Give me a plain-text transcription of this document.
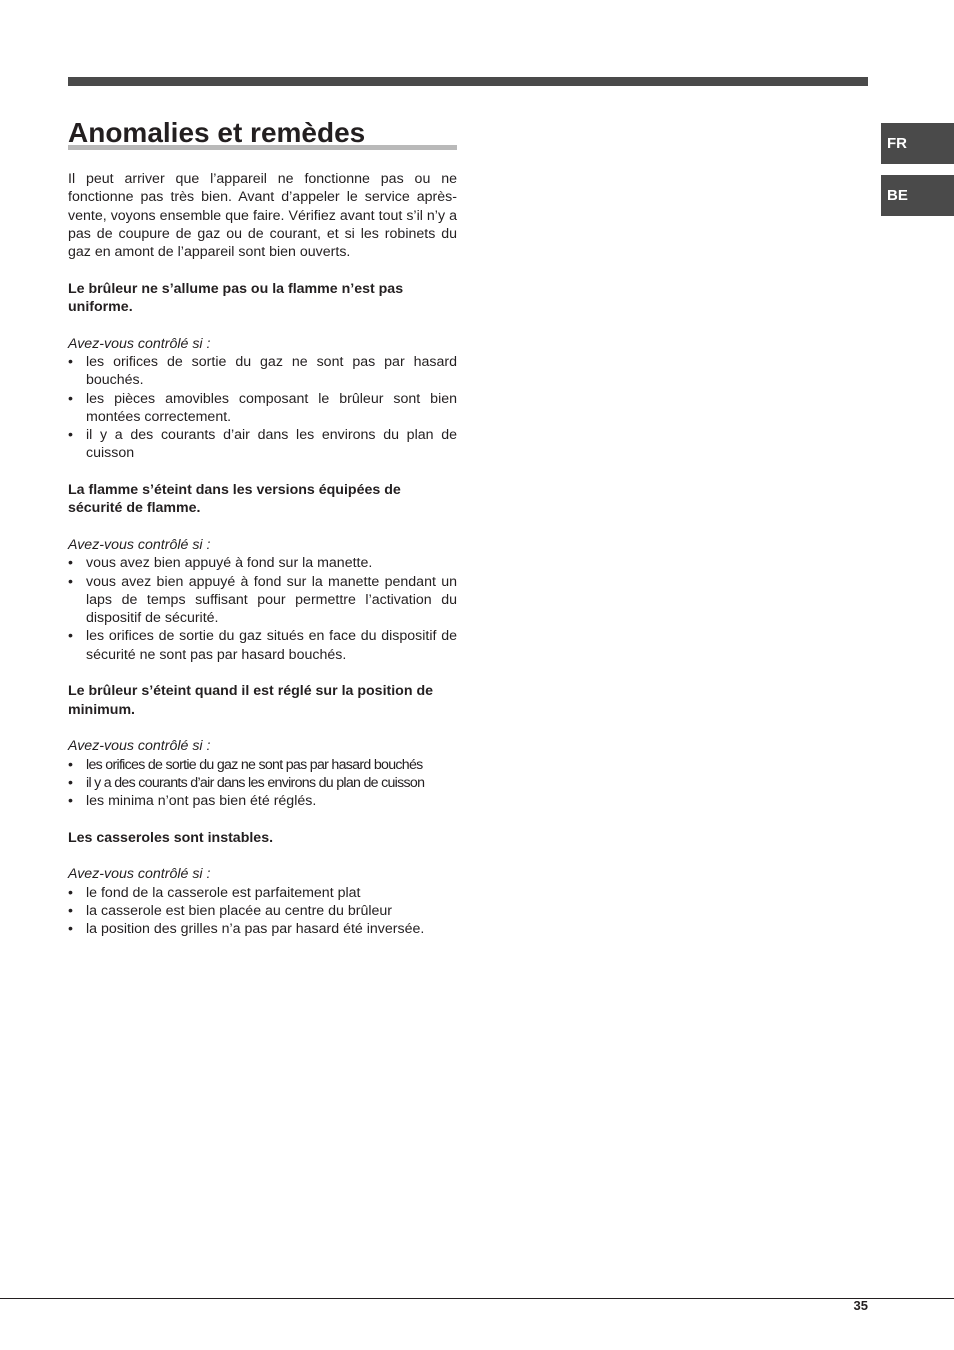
FR
BE
Anomalies et remèdes

Il peut arriver que l’appareil ne fonctionne pas ou ne fonctionne pas très bien. Avant d’appeler le service après-vente, voyons ensemble que faire. Vérifiez avant tout s’il n’y a pas de coupure de gaz ou de courant, et si les robinets du gaz en amont de l’appareil sont bien ouverts.

Le brûleur ne s’allume pas ou la flamme n’est pas uniforme.

Avez-vous contrôlé si :

• les orifices de sortie du gaz ne sont pas par hasard bouchés.
• les pièces amovibles composant le brûleur sont bien montées correctement.
• il y a des courants d’air dans les environs du plan de cuisson

La flamme s’éteint dans les versions équipées de sécurité de flamme.

Avez-vous contrôlé si :

• vous avez bien appuyé à fond sur la manette.
• vous avez bien appuyé à fond sur la manette pendant un laps de temps suffisant pour permettre l’activation du dispositif de sécurité.
• les orifices de sortie du gaz situés en face du dispositif de sécurité ne sont pas par hasard bouchés.

Le brûleur s’éteint quand il est réglé sur la position de minimum.

Avez-vous contrôlé si :

• les orifices de sortie du gaz ne sont pas par hasard bouchés
• il y a des courants d’air dans les environs du plan de cuisson
• les minima n’ont pas bien été réglés.

Les casseroles sont instables.

Avez-vous contrôlé si :

• le fond de la casserole est parfaitement plat
• la casserole est bien placée au centre du brûleur
• la position des grilles n’a pas par hasard été inversée.
35
